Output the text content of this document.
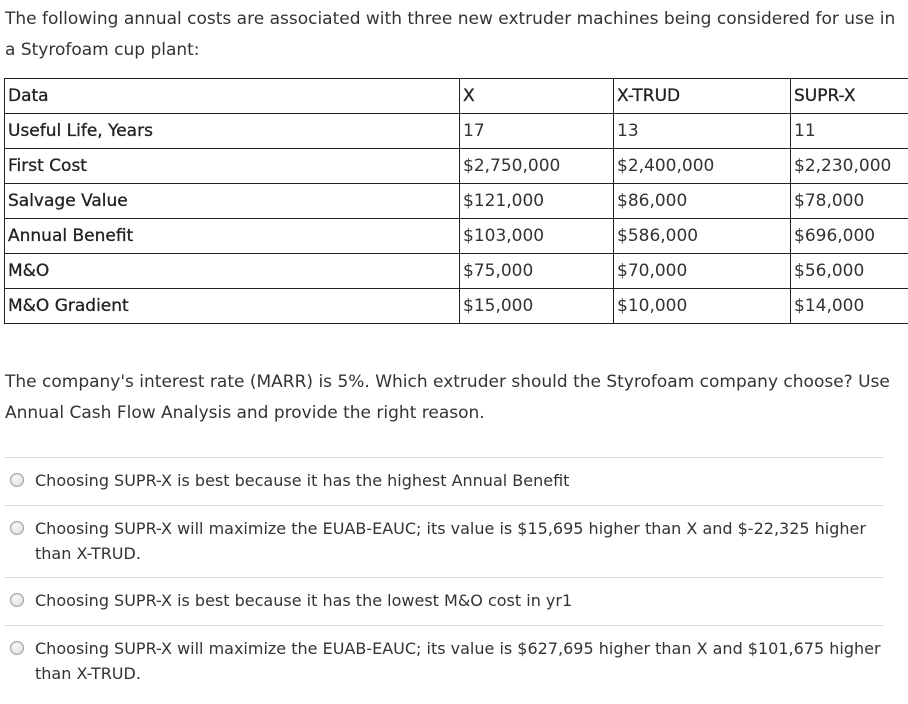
The following annual costs are associated with three new extruder machines being considered for use in a Styrofoam cup plant:

Data	X	X-TRUD	SUPR-X
Useful Life, Years	17	13	11
First Cost	$2,750,000	$2,400,000	$2,230,000
Salvage Value	$121,000	$86,000	$78,000
Annual Benefit	$103,000	$586,000	$696,000
M&O	$75,000	$70,000	$56,000
M&O Gradient	$15,000	$10,000	$14,000

The company's interest rate (MARR) is 5%. Which extruder should the Styrofoam company choose? Use Annual Cash Flow Analysis and provide the right reason.

Choosing SUPR-X is best because it has the highest Annual Benefit
Choosing SUPR-X will maximize the EUAB-EAUC; its value is $15,695 higher than X and $-22,325 higher than X-TRUD.
Choosing SUPR-X is best because it has the lowest M&O cost in yr1
Choosing SUPR-X will maximize the EUAB-EAUC; its value is $627,695 higher than X and $101,675 higher than X-TRUD.
